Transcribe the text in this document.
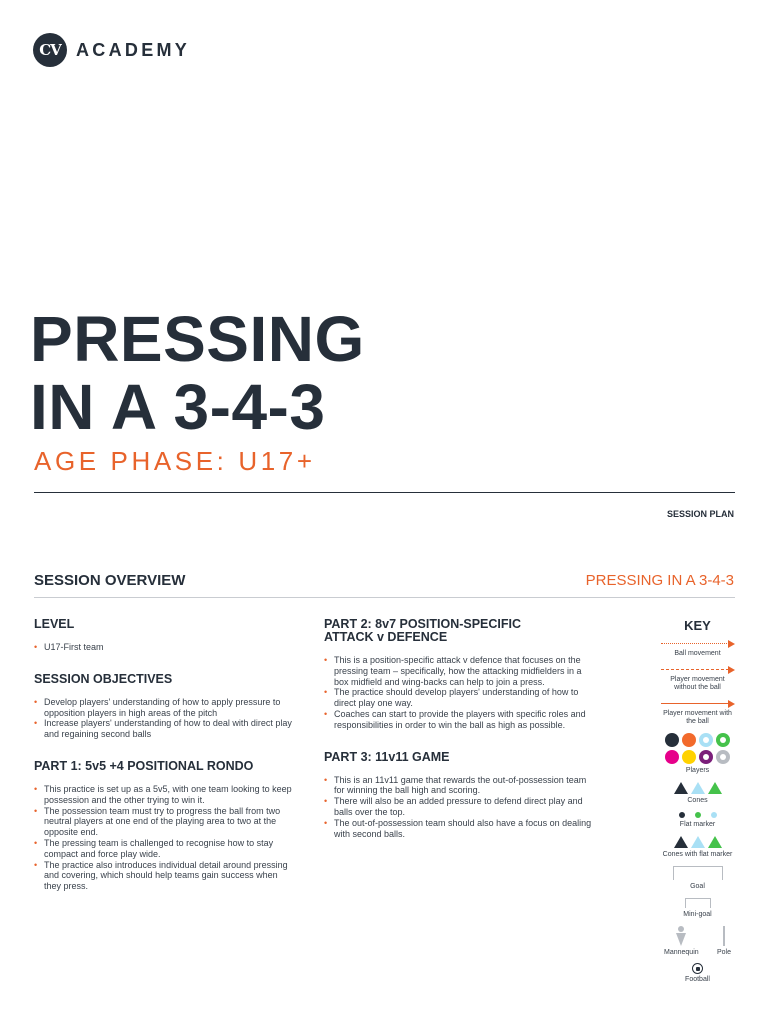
CV ACADEMY
PRESSING
IN A 3-4-3
AGE PHASE: U17+
SESSION PLAN
SESSION OVERVIEW	PRESSING IN A 3-4-3
LEVEL
• U17-First team
SESSION OBJECTIVES
• Develop players' understanding of how to apply pressure to opposition players in high areas of the pitch
• Increase players' understanding of how to deal with direct play and regaining second balls
PART 1: 5v5 +4 POSITIONAL RONDO
• This practice is set up as a 5v5, with one team looking to keep possession and the other trying to win it.
• The possession team must try to progress the ball from two neutral players at one end of the playing area to two at the opposite end.
• The pressing team is challenged to recognise how to stay compact and force play wide.
• The practice also introduces individual detail around pressing and covering, which should help teams gain success when they press.
PART 2: 8v7 POSITION-SPECIFIC
ATTACK v DEFENCE
• This is a position-specific attack v defence that focuses on the pressing team – specifically, how the attacking midfielders in a box midfield and wing-backs can help to join a press.
• The practice should develop players' understanding of how to direct play one way.
• Coaches can start to provide the players with specific roles and responsibilities in order to win the ball as high as possible.
PART 3: 11v11 GAME
• This is an 11v11 game that rewards the out-of-possession team for winning the ball high and scoring.
• There will also be an added pressure to defend direct play and balls over the top.
• The out-of-possession team should also have a focus on dealing with second balls.
KEY
Ball movement
Player movement without the ball
Player movement with the ball
Players
Cones
Flat marker
Cones with flat marker
Goal
Mini-goal
Mannequin	Pole
Football
